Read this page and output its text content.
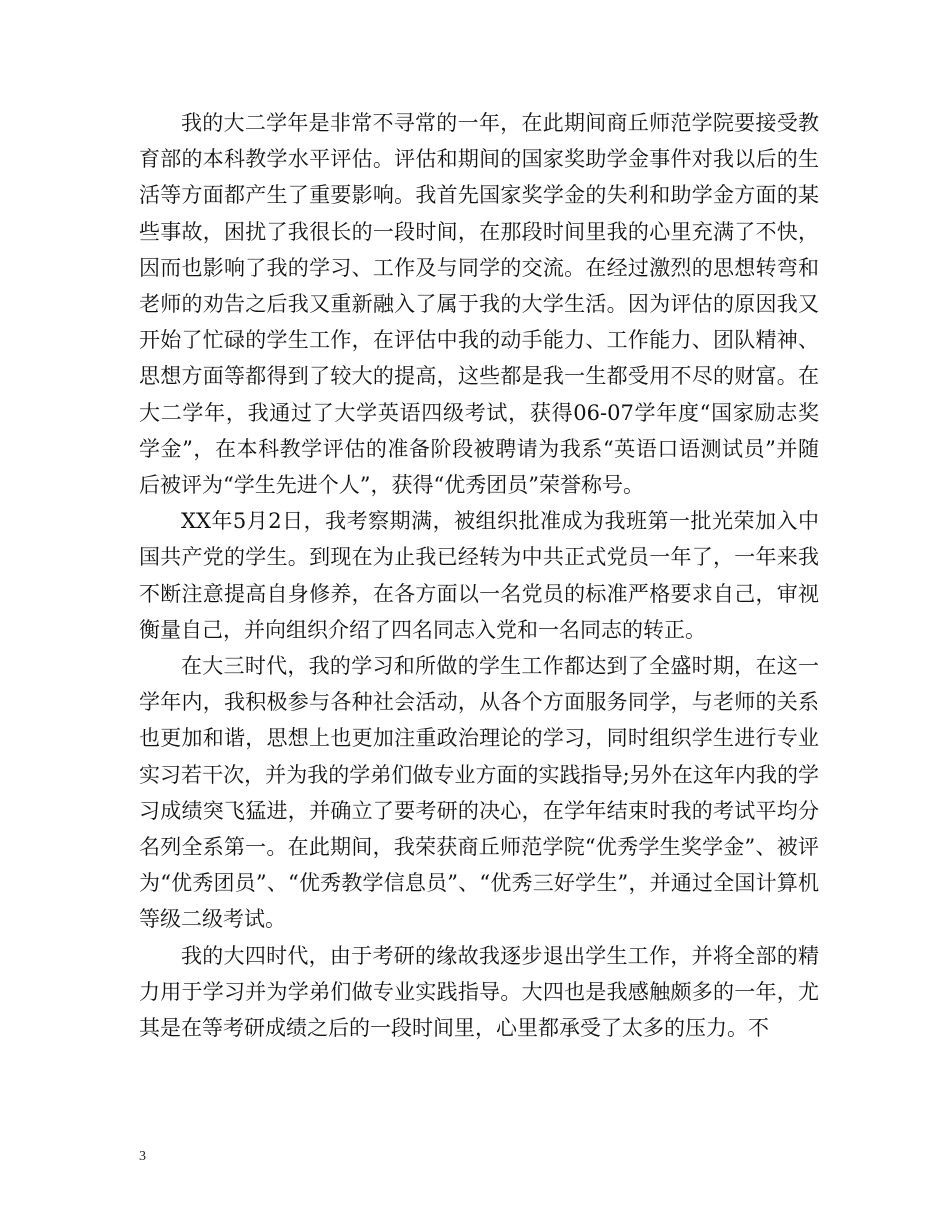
我的大二学年是非常不寻常的一年，在此期间商丘师范学院要接受教育部的本科教学水平评估。评估和期间的国家奖助学金事件对我以后的生活等方面都产生了重要影响。我首先国家奖学金的失利和助学金方面的某些事故，困扰了我很长的一段时间，在那段时间里我的心里充满了不快，因而也影响了我的学习、工作及与同学的交流。在经过激烈的思想转弯和老师的劝告之后我又重新融入了属于我的大学生活。因为评估的原因我又开始了忙碌的学生工作，在评估中我的动手能力、工作能力、团队精神、思想方面等都得到了较大的提高，这些都是我一生都受用不尽的财富。在大二学年，我通过了大学英语四级考试，获得06-07学年度“国家励志奖学金”，在本科教学评估的准备阶段被聘请为我系“英语口语测试员”并随后被评为“学生先进个人”，获得“优秀团员”荣誉称号。

XX年5月2日，我考察期满，被组织批准成为我班第一批光荣加入中国共产党的学生。到现在为止我已经转为中共正式党员一年了，一年来我不断注意提高自身修养，在各方面以一名党员的标准严格要求自己，审视衡量自己，并向组织介绍了四名同志入党和一名同志的转正。

在大三时代，我的学习和所做的学生工作都达到了全盛时期，在这一学年内，我积极参与各种社会活动，从各个方面服务同学，与老师的关系也更加和谐，思想上也更加注重政治理论的学习，同时组织学生进行专业实习若干次，并为我的学弟们做专业方面的实践指导;另外在这年内我的学习成绩突飞猛进，并确立了要考研的决心，在学年结束时我的考试平均分名列全系第一。在此期间，我荣获商丘师范学院“优秀学生奖学金”、被评为“优秀团员”、“优秀教学信息员”、“优秀三好学生”，并通过全国计算机等级二级考试。

我的大四时代，由于考研的缘故我逐步退出学生工作，并将全部的精力用于学习并为学弟们做专业实践指导。大四也是我感触颇多的一年，尤其是在等考研成绩之后的一段时间里，心里都承受了太多的压力。不

3
